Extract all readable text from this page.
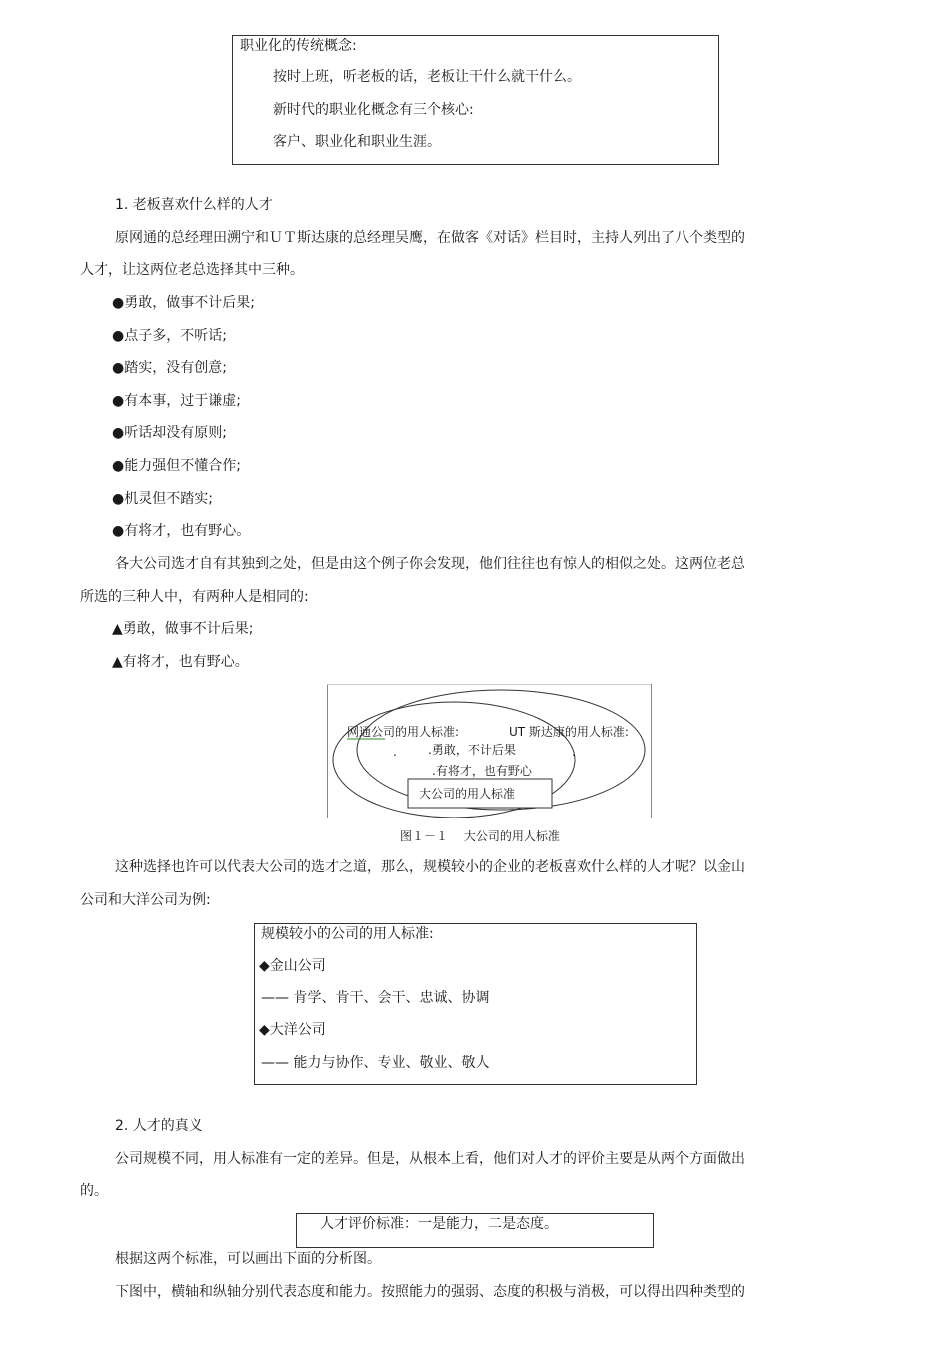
职业化的传统概念:
按时上班，听老板的话，老板让干什么就干什么。
新时代的职业化概念有三个核心:
客户、职业化和职业生涯。
1. 老板喜欢什么样的人才
原网通的总经理田溯宁和ＵＴ斯达康的总经理吴鹰，在做客《对话》栏目时，主持人列出了八个类型的
人才，让这两位老总选择其中三种。
●勇敢，做事不计后果;
●点子多，不听话;
●踏实，没有创意;
●有本事，过于谦虚;
●听话却没有原则;
●能力强但不懂合作;
●机灵但不踏实;
●有将才，也有野心。
各大公司选才自有其独到之处，但是由这个例子你会发现，他们往往也有惊人的相似之处。这两位老总
所选的三种人中，有两种人是相同的:
▲勇敢，做事不计后果;
▲有将才，也有野心。
网通公司的用人标准:	UT 斯达康的用人标准:
.	.
.勇敢，不计后果
.有将才，也有野心
大公司的用人标准
图１－１　 大公司的用人标准
这种选择也许可以代表大公司的选才之道，那么，规模较小的企业的老板喜欢什么样的人才呢？以金山
公司和大洋公司为例:
规模较小的公司的用人标准:
◆金山公司
—— 肯学、肯干、会干、忠诚、协调
◆大洋公司
—— 能力与协作、专业、敬业、敬人
2. 人才的真义
公司规模不同，用人标准有一定的差异。但是，从根本上看，他们对人才的评价主要是从两个方面做出
的。
人才评价标准：一是能力，二是态度。
根据这两个标准，可以画出下面的分析图。
下图中，横轴和纵轴分别代表态度和能力。按照能力的强弱、态度的积极与消极，可以得出四种类型的
